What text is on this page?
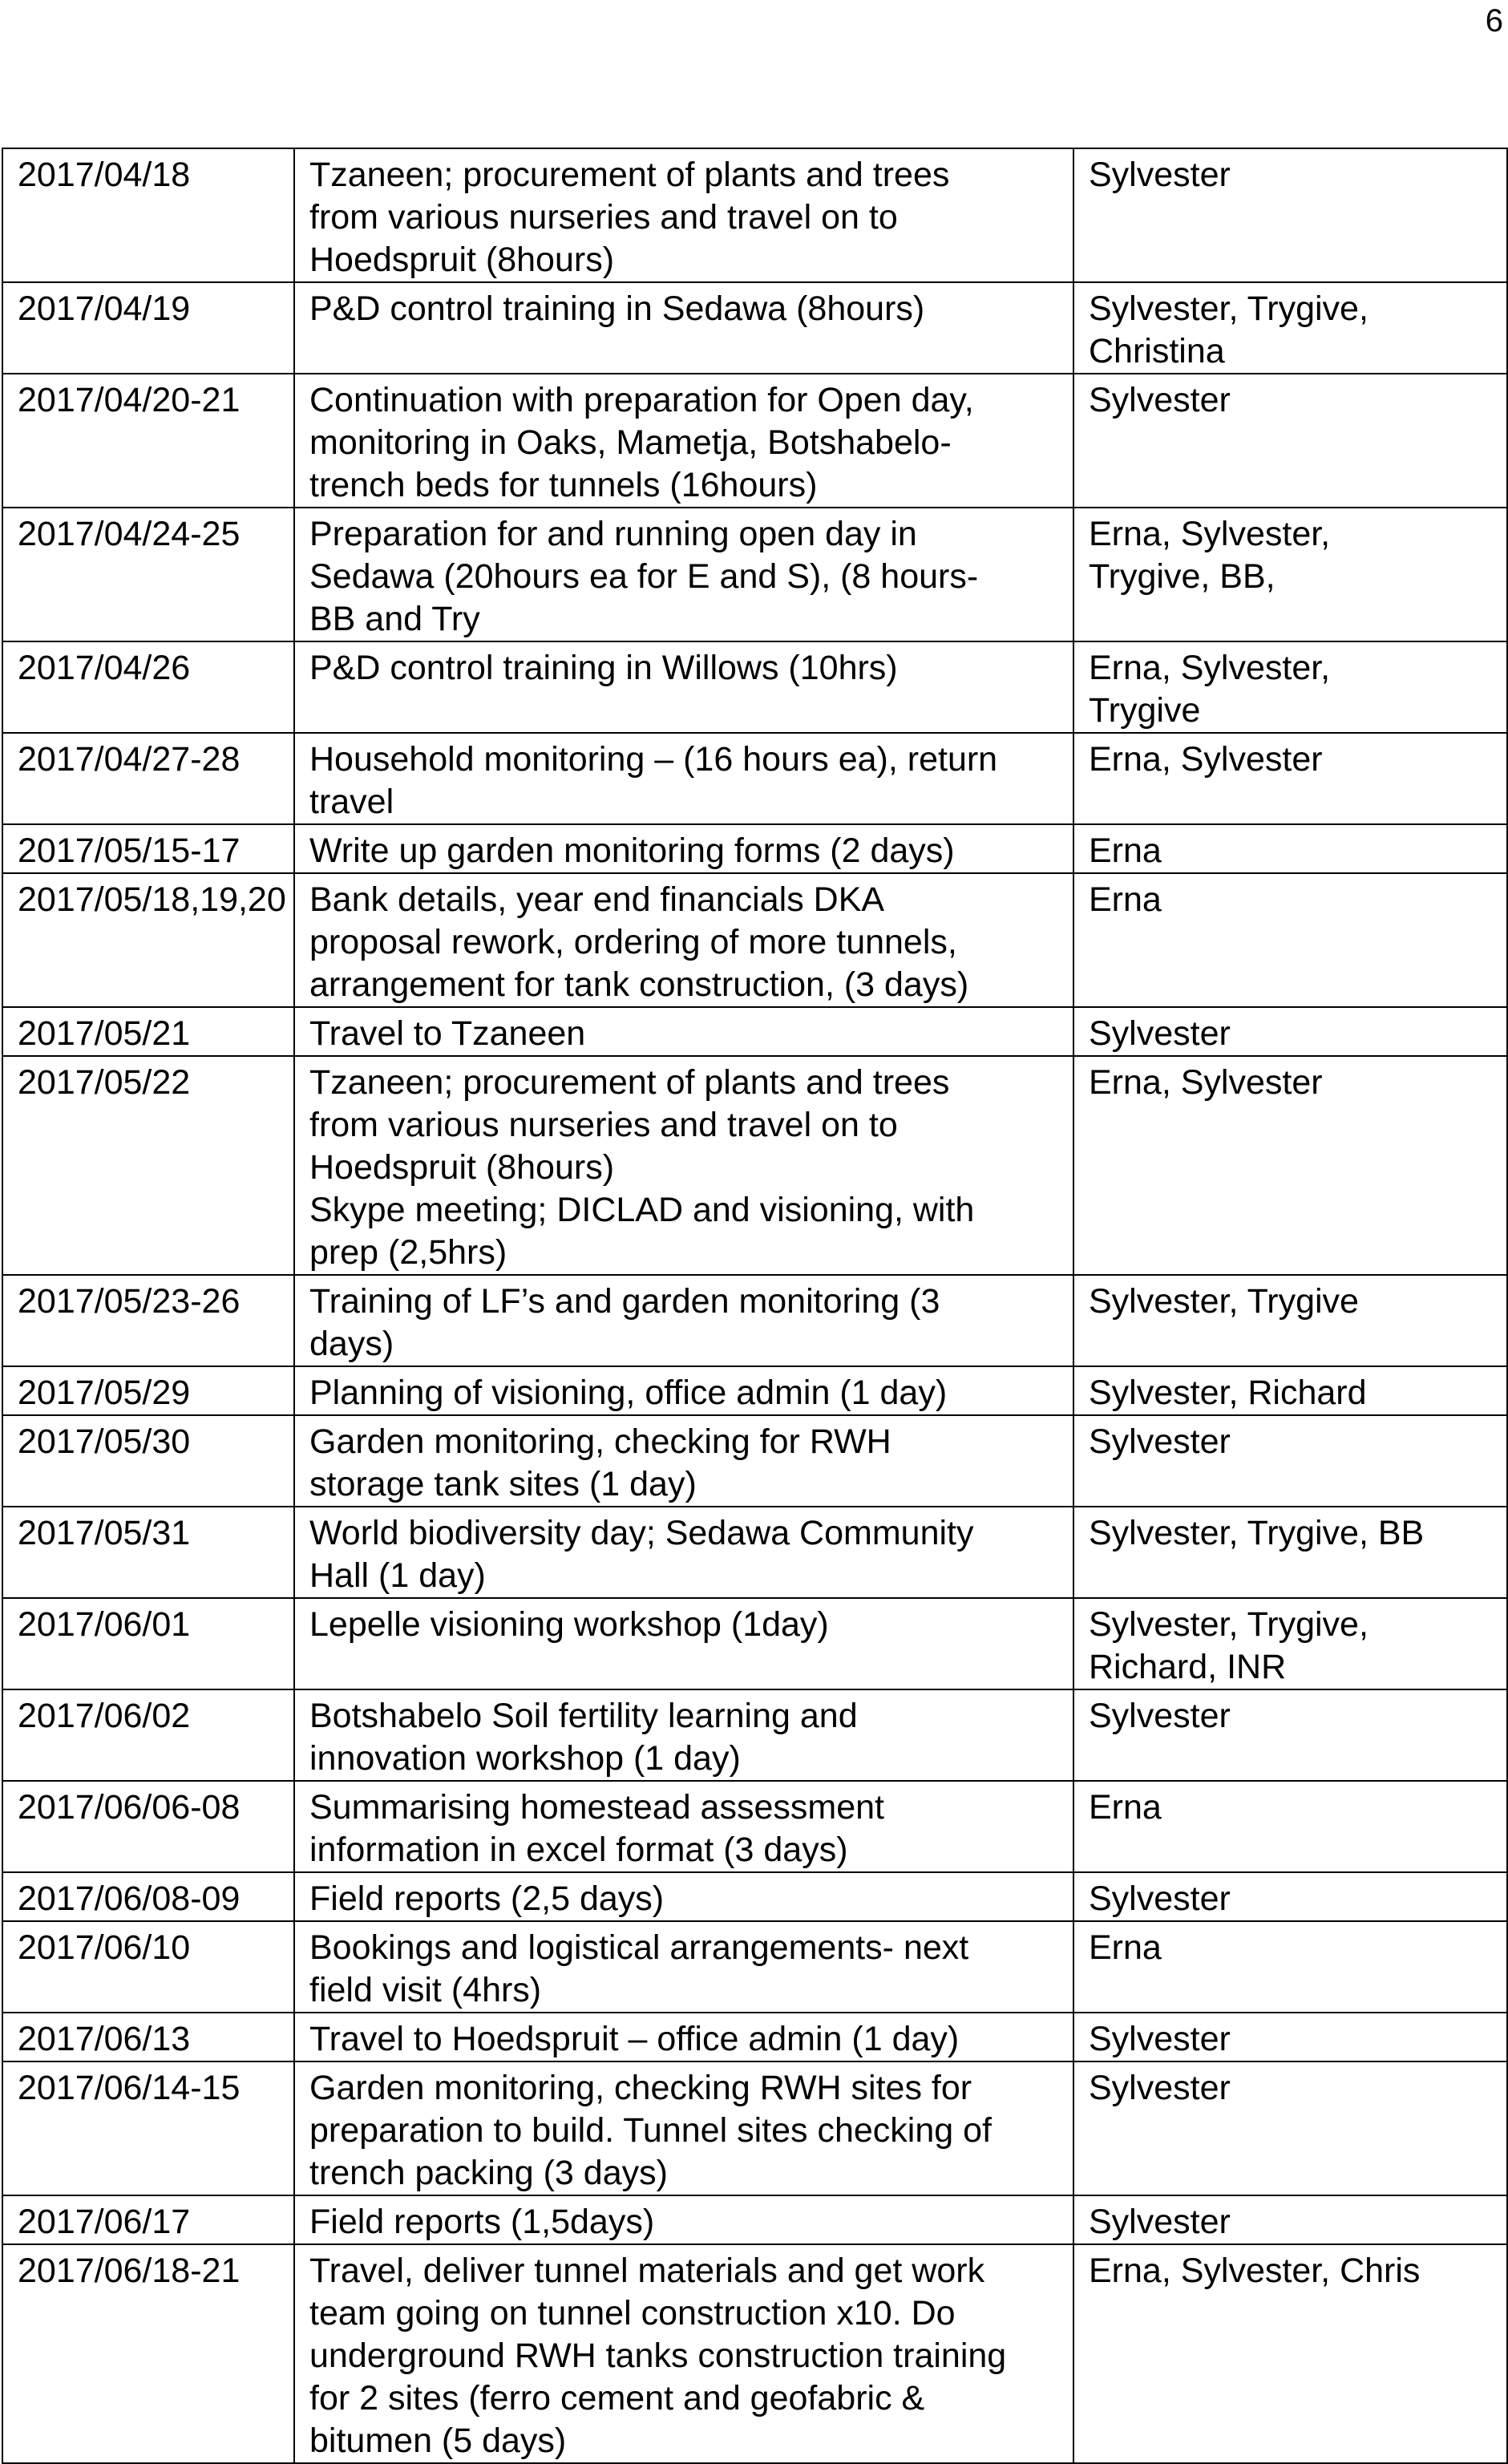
6
2017/04/18	Tzaneen; procurement of plants and trees
from various nurseries and travel on to
Hoedspruit (8hours)	Sylvester
2017/04/19	P&D control training in Sedawa (8hours)	Sylvester, Trygive,
Christina
2017/04/20-21	Continuation with preparation for Open day,
monitoring in Oaks, Mametja, Botshabelo-
trench beds for tunnels (16hours)	Sylvester
2017/04/24-25	Preparation for and running open day in
Sedawa (20hours ea for E and S), (8 hours-
BB and Try	Erna, Sylvester,
Trygive, BB,
2017/04/26	P&D control training in Willows (10hrs)	Erna, Sylvester,
Trygive
2017/04/27-28	Household monitoring – (16 hours ea), return
travel	Erna, Sylvester
2017/05/15-17	Write up garden monitoring forms (2 days)	Erna
2017/05/18,19,20	Bank details, year end financials DKA
proposal rework, ordering of more tunnels,
arrangement for tank construction, (3 days)	Erna
2017/05/21	Travel to Tzaneen	Sylvester
2017/05/22	Tzaneen; procurement of plants and trees
from various nurseries and travel on to
Hoedspruit (8hours)
Skype meeting; DICLAD and visioning, with
prep (2,5hrs)	Erna, Sylvester
2017/05/23-26	Training of LF’s and garden monitoring (3
days)	Sylvester, Trygive
2017/05/29	Planning of visioning, office admin (1 day)	Sylvester, Richard
2017/05/30	Garden monitoring, checking for RWH
storage tank sites (1 day)	Sylvester
2017/05/31	World biodiversity day; Sedawa Community
Hall (1 day)	Sylvester, Trygive, BB
2017/06/01	Lepelle visioning workshop (1day)	Sylvester, Trygive,
Richard, INR
2017/06/02	Botshabelo Soil fertility learning and
innovation workshop (1 day)	Sylvester
2017/06/06-08	Summarising homestead assessment
information in excel format (3 days)	Erna
2017/06/08-09	Field reports (2,5 days)	Sylvester
2017/06/10	Bookings and logistical arrangements- next
field visit (4hrs)	Erna
2017/06/13	Travel to Hoedspruit – office admin (1 day)	Sylvester
2017/06/14-15	Garden monitoring, checking RWH sites for
preparation to build. Tunnel sites checking of
trench packing (3 days)	Sylvester
2017/06/17	Field reports (1,5days)	Sylvester
2017/06/18-21	Travel, deliver tunnel materials and get work
team going on tunnel construction x10. Do
underground RWH tanks construction training
for 2 sites (ferro cement and geofabric &
bitumen (5 days)	Erna, Sylvester, Chris
